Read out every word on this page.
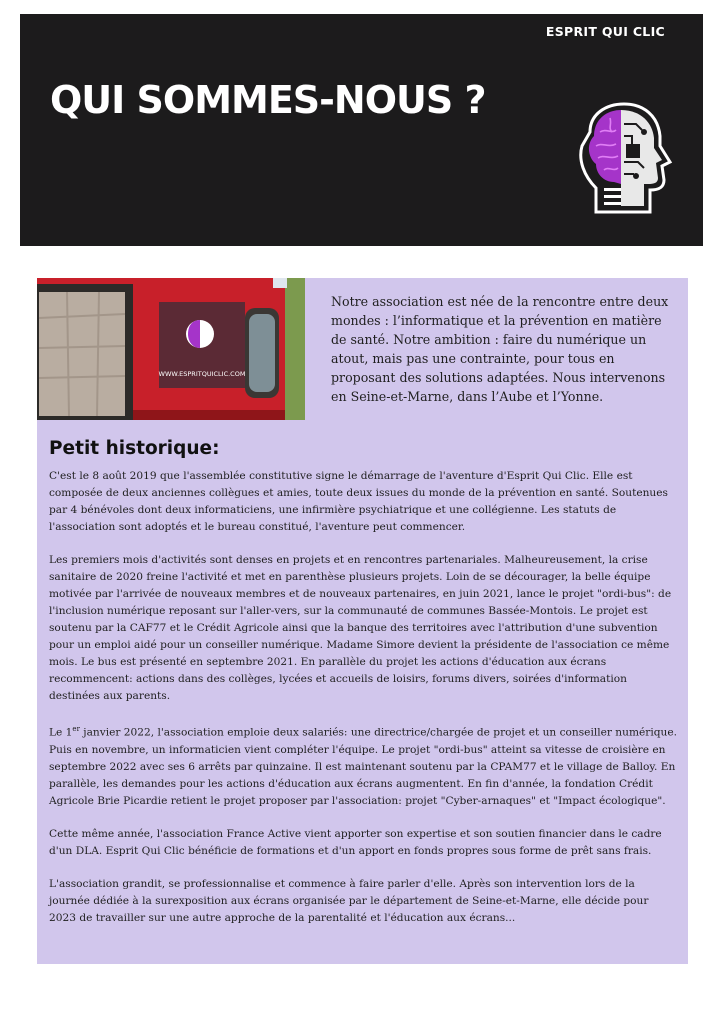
ESPRIT QUI CLIC
QUI SOMMES-NOUS ?
WWW.ESPRITQUICLIC.COM

Notre association est née de la rencontre entre deux mondes : l’informatique et la prévention en matière de santé. Notre ambition : faire du numérique un atout, mais pas une contrainte, pour tous en proposant des solutions adaptées. Nous intervenons en Seine-et-Marne, dans l’Aube et l’Yonne.

Petit historique:

C'est le 8 août 2019 que l'assemblée constitutive signe le démarrage de l'aventure d'Esprit Qui Clic. Elle est composée de deux anciennes collègues et amies, toute deux issues du monde de la prévention en santé. Soutenues par 4 bénévoles dont deux informaticiens, une infirmière psychiatrique et une collégienne. Les statuts de l'association sont adoptés et le bureau constitué, l'aventure peut commencer.

Les premiers mois d'activités sont denses en projets et en rencontres partenariales. Malheureusement, la crise sanitaire de 2020 freine l'activité et met en parenthèse plusieurs projets. Loin de se décourager, la belle équipe motivée par l'arrivée de nouveaux membres et de nouveaux partenaires, en juin 2021, lance le projet "ordi-bus": de l'inclusion numérique reposant sur l'aller-vers, sur la communauté de communes Bassée-Montois. Le projet est soutenu par la CAF77 et le Crédit Agricole ainsi que la banque des territoires avec l'attribution d'une subvention pour un emploi aidé pour un conseiller numérique. Madame Simore devient la présidente de l'association ce même mois. Le bus est présenté en septembre 2021. En parallèle du projet les actions d'éducation aux écrans recommencent: actions dans des collèges, lycées et accueils de loisirs, forums divers, soirées d'information destinées aux parents.

Le 1er janvier 2022, l'association emploie deux salariés: une directrice/chargée de projet et un conseiller numérique. Puis en novembre, un informaticien vient compléter l'équipe. Le projet "ordi-bus" atteint sa vitesse de croisière en septembre 2022 avec ses 6 arrêts par quinzaine. Il est maintenant soutenu par la CPAM77 et le village de Balloy. En parallèle, les demandes pour les actions d'éducation aux écrans augmentent. En fin d'année, la fondation Crédit Agricole Brie Picardie retient le projet proposer par l'association: projet "Cyber-arnaques" et "Impact écologique".

Cette même année, l'association France Active vient apporter son expertise et son soutien financier dans le cadre d'un DLA. Esprit Qui Clic bénéficie de formations et d'un apport en fonds propres sous forme de prêt sans frais.

L'association grandit, se professionnalise et commence à faire parler d'elle. Après son intervention lors de la journée dédiée à la surexposition aux écrans organisée par le département de Seine-et-Marne, elle décide pour 2023 de travailler sur une autre approche de la parentalité et l'éducation aux écrans...
